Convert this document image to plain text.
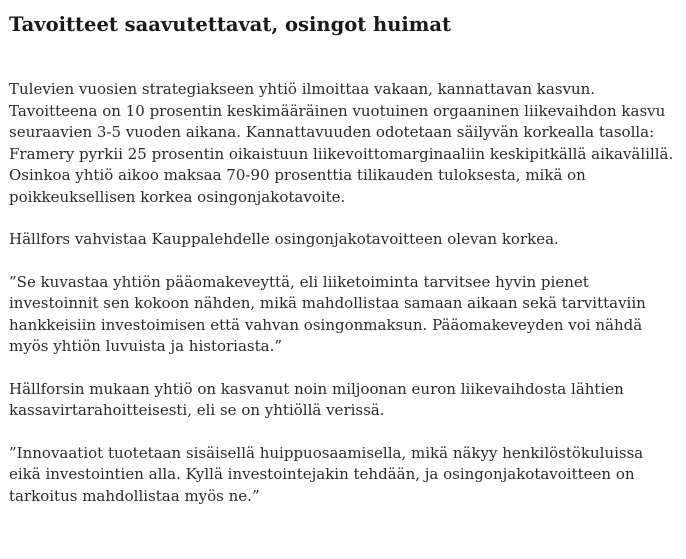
Tavoitteet saavutettavat, osingot huimat

Tulevien vuosien strategiakseen yhtiö ilmoittaa vakaan, kannattavan kasvun. Tavoitteena on 10 prosentin keskimääräinen vuotuinen orgaaninen liikevaihdon kasvu seuraavien 3-5 vuoden aikana. Kannattavuuden odotetaan säilyvän korkealla tasolla: Framery pyrkii 25 prosentin oikaistuun liikevoittomarginaaliin keskipitkällä aikavälillä. Osinkoa yhtiö aikoo maksaa 70-90 prosenttia tilikauden tuloksesta, mikä on poikkeuksellisen korkea osingonjakotavoite.

Hällfors vahvistaa Kauppalehdelle osingonjakotavoitteen olevan korkea.

”Se kuvastaa yhtiön pääomakeveyttä, eli liiketoiminta tarvitsee hyvin pienet investoinnit sen kokoon nähden, mikä mahdollistaa samaan aikaan sekä tarvittaviin hankkeisiin investoimisen että vahvan osingonmaksun. Pääomakeveyden voi nähdä myös yhtiön luvuista ja historiasta.”

Hällforsin mukaan yhtiö on kasvanut noin miljoonan euron liikevaihdosta lähtien kassavirtarahoitteisesti, eli se on yhtiöllä verissä.

”Innovaatiot tuotetaan sisäisellä huippuosaamisella, mikä näkyy henkilöstökuluissa eikä investointien alla. Kyllä investointejakin tehdään, ja osingonjakotavoitteen on tarkoitus mahdollistaa myös ne.”
